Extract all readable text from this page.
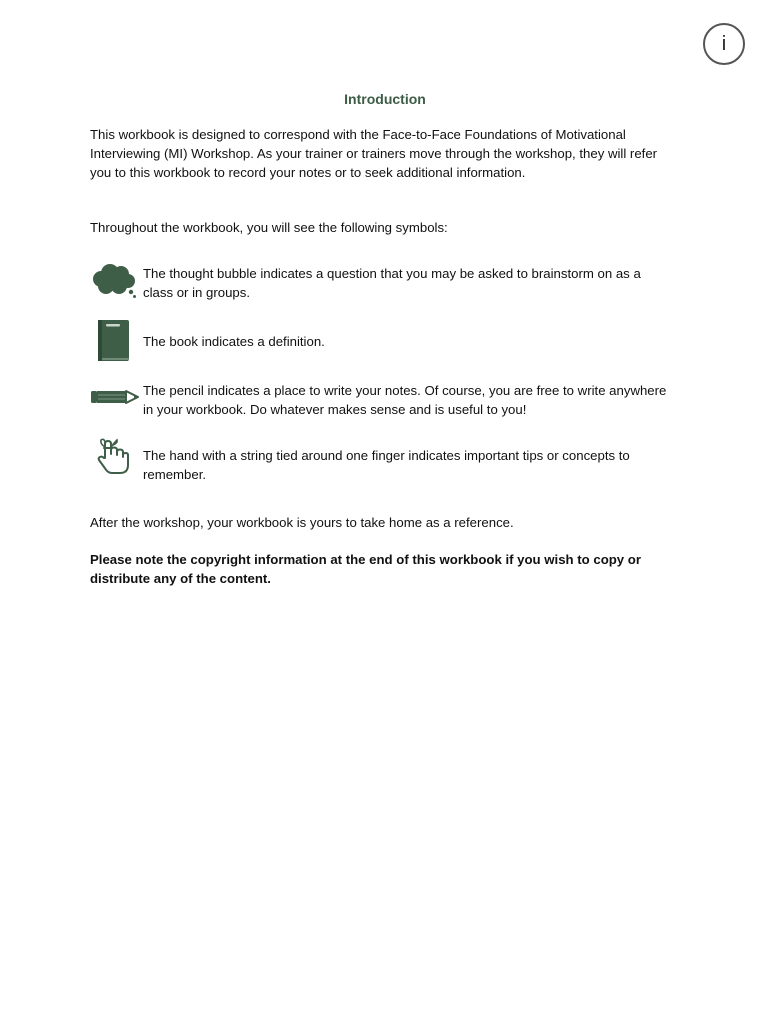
i
Introduction
This workbook is designed to correspond with the Face-to-Face Foundations of Motivational Interviewing (MI) Workshop. As your trainer or trainers move through the workshop, they will refer you to this workbook to record your notes or to seek additional information.
Throughout the workbook, you will see the following symbols:
The thought bubble indicates a question that you may be asked to brainstorm on as a class or in groups.
The book indicates a definition.
The pencil indicates a place to write your notes. Of course, you are free to write anywhere in your workbook. Do whatever makes sense and is useful to you!
The hand with a string tied around one finger indicates important tips or concepts to remember.
After the workshop, your workbook is yours to take home as a reference.
Please note the copyright information at the end of this workbook if you wish to copy or distribute any of the content.
